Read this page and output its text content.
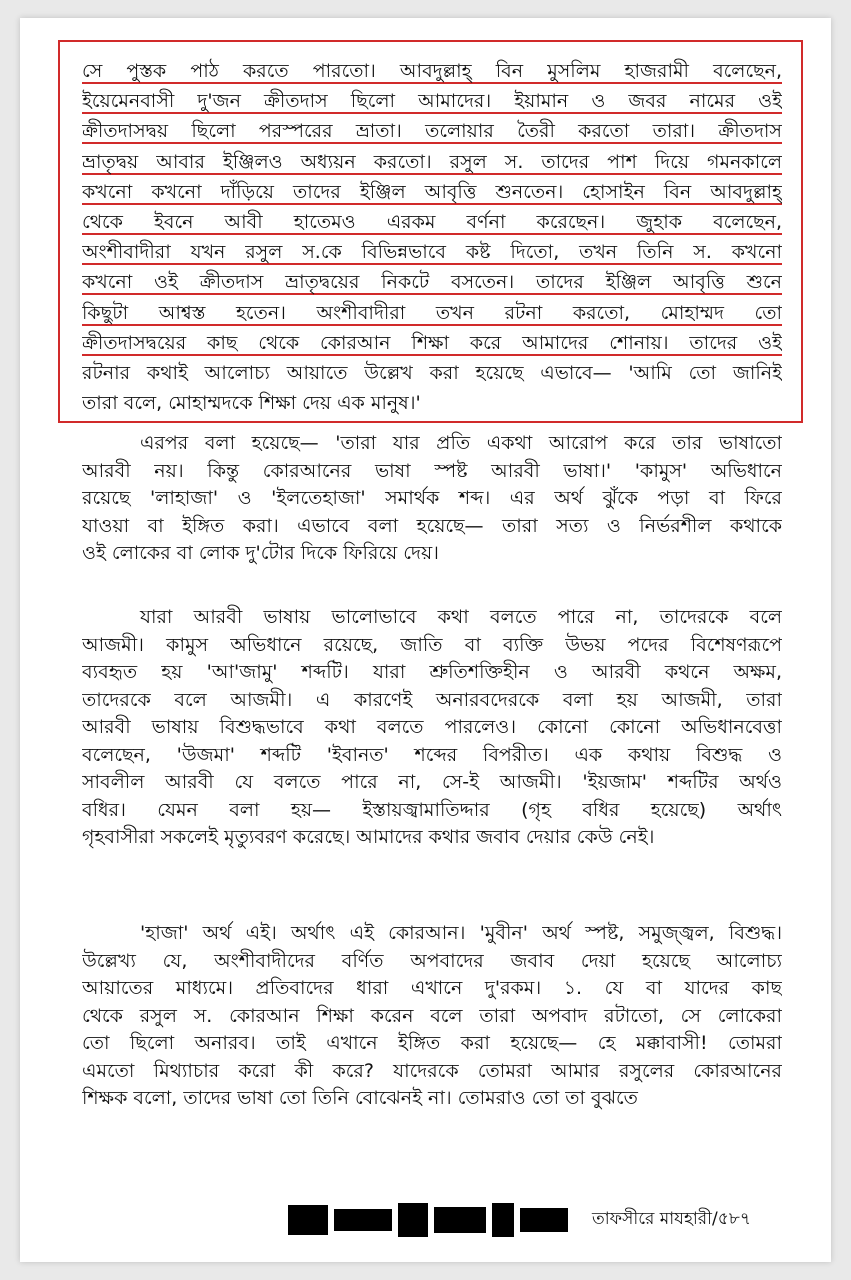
সে পুস্তক পাঠ করতে পারতো। আবদুল্লাহ্ বিন মুসলিম হাজরামী বলেছেন,
ইয়েমেনবাসী দু'জন ক্রীতদাস ছিলো আমাদের। ইয়ামান ও জবর নামের ওই
ক্রীতদাসদ্বয় ছিলো পরস্পরের ভ্রাতা। তলোয়ার তৈরী করতো তারা। ক্রীতদাস
ভ্রাতৃদ্বয় আবার ইঞ্জিলও অধ্যয়ন করতো। রসুল স. তাদের পাশ দিয়ে গমনকালে
কখনো কখনো দাঁড়িয়ে তাদের ইঞ্জিল আবৃত্তি শুনতেন। হোসাইন বিন আবদুল্লাহ্
থেকে ইবনে আবী হাতেমও এরকম বর্ণনা করেছেন। জুহাক বলেছেন,
অংশীবাদীরা যখন রসুল স.কে বিভিন্নভাবে কষ্ট দিতো, তখন তিনি স. কখনো
কখনো ওই ক্রীতদাস ভ্রাতৃদ্বয়ের নিকটে বসতেন। তাদের ইঞ্জিল আবৃত্তি শুনে
কিছুটা আশ্বস্ত হতেন। অংশীবাদীরা তখন রটনা করতো, মোহাম্মদ তো
ক্রীতদাসদ্বয়ের কাছ থেকে কোরআন শিক্ষা করে আমাদের শোনায়। তাদের ওই
রটনার কথাই আলোচ্য আয়াতে উল্লেখ করা হয়েছে এভাবে— 'আমি তো জানিই
তারা বলে, মোহাম্মদকে শিক্ষা দেয় এক মানুষ।'
এরপর বলা হয়েছে— 'তারা যার প্রতি একথা আরোপ করে তার ভাষাতো
আরবী নয়। কিন্তু কোরআনের ভাষা স্পষ্ট আরবী ভাষা।' 'কামুস' অভিধানে
রয়েছে 'লাহাজা' ও 'ইলতেহাজা' সমার্থক শব্দ। এর অর্থ ঝুঁকে পড়া বা ফিরে
যাওয়া বা ইঙ্গিত করা। এভাবে বলা হয়েছে— তারা সত্য ও নির্ভরশীল কথাকে
ওই লোকের বা লোক দু'টোর দিকে ফিরিয়ে দেয়।
যারা আরবী ভাষায় ভালোভাবে কথা বলতে পারে না, তাদেরকে বলে
আজমী। কামুস অভিধানে রয়েছে, জাতি বা ব্যক্তি উভয় পদের বিশেষণরূপে
ব্যবহৃত হয় 'আ'জামু' শব্দটি। যারা শ্রুতিশক্তিহীন ও আরবী কথনে অক্ষম,
তাদেরকে বলে আজমী। এ কারণেই অনারবদেরকে বলা হয় আজমী, তারা
আরবী ভাষায় বিশুদ্ধভাবে কথা বলতে পারলেও। কোনো কোনো অভিধানবেত্তা
বলেছেন, 'উজমা' শব্দটি 'ইবানত' শব্দের বিপরীত। এক কথায় বিশুদ্ধ ও
সাবলীল আরবী যে বলতে পারে না, সে-ই আজমী। 'ইয়জাম' শব্দটির অর্থও
বধির। যেমন বলা হয়— ইস্তায়জ্বামাতিদ্দার (গৃহ বধির হয়েছে) অর্থাৎ
গৃহবাসীরা সকলেই মৃত্যুবরণ করেছে। আমাদের কথার জবাব দেয়ার কেউ নেই।
'হাজা' অর্থ এই। অর্থাৎ এই কোরআন। 'মুবীন' অর্থ স্পষ্ট, সমুজ্জ্বল, বিশুদ্ধ।
উল্লেখ্য যে, অংশীবাদীদের বর্ণিত অপবাদের জবাব দেয়া হয়েছে আলোচ্য
আয়াতের মাধ্যমে। প্রতিবাদের ধারা এখানে দু'রকম। ১. যে বা যাদের কাছ
থেকে রসুল স. কোরআন শিক্ষা করেন বলে তারা অপবাদ রটাতো, সে লোকেরা
তো ছিলো অনারব। তাই এখানে ইঙ্গিত করা হয়েছে— হে মক্কাবাসী! তোমরা
এমতো মিথ্যাচার করো কী করে? যাদেরকে তোমরা আমার রসুলের কোরআনের
শিক্ষক বলো, তাদের ভাষা তো তিনি বোঝেনই না। তোমরাও তো তা বুঝতে
তাফসীরে মাযহারী/৫৮৭
